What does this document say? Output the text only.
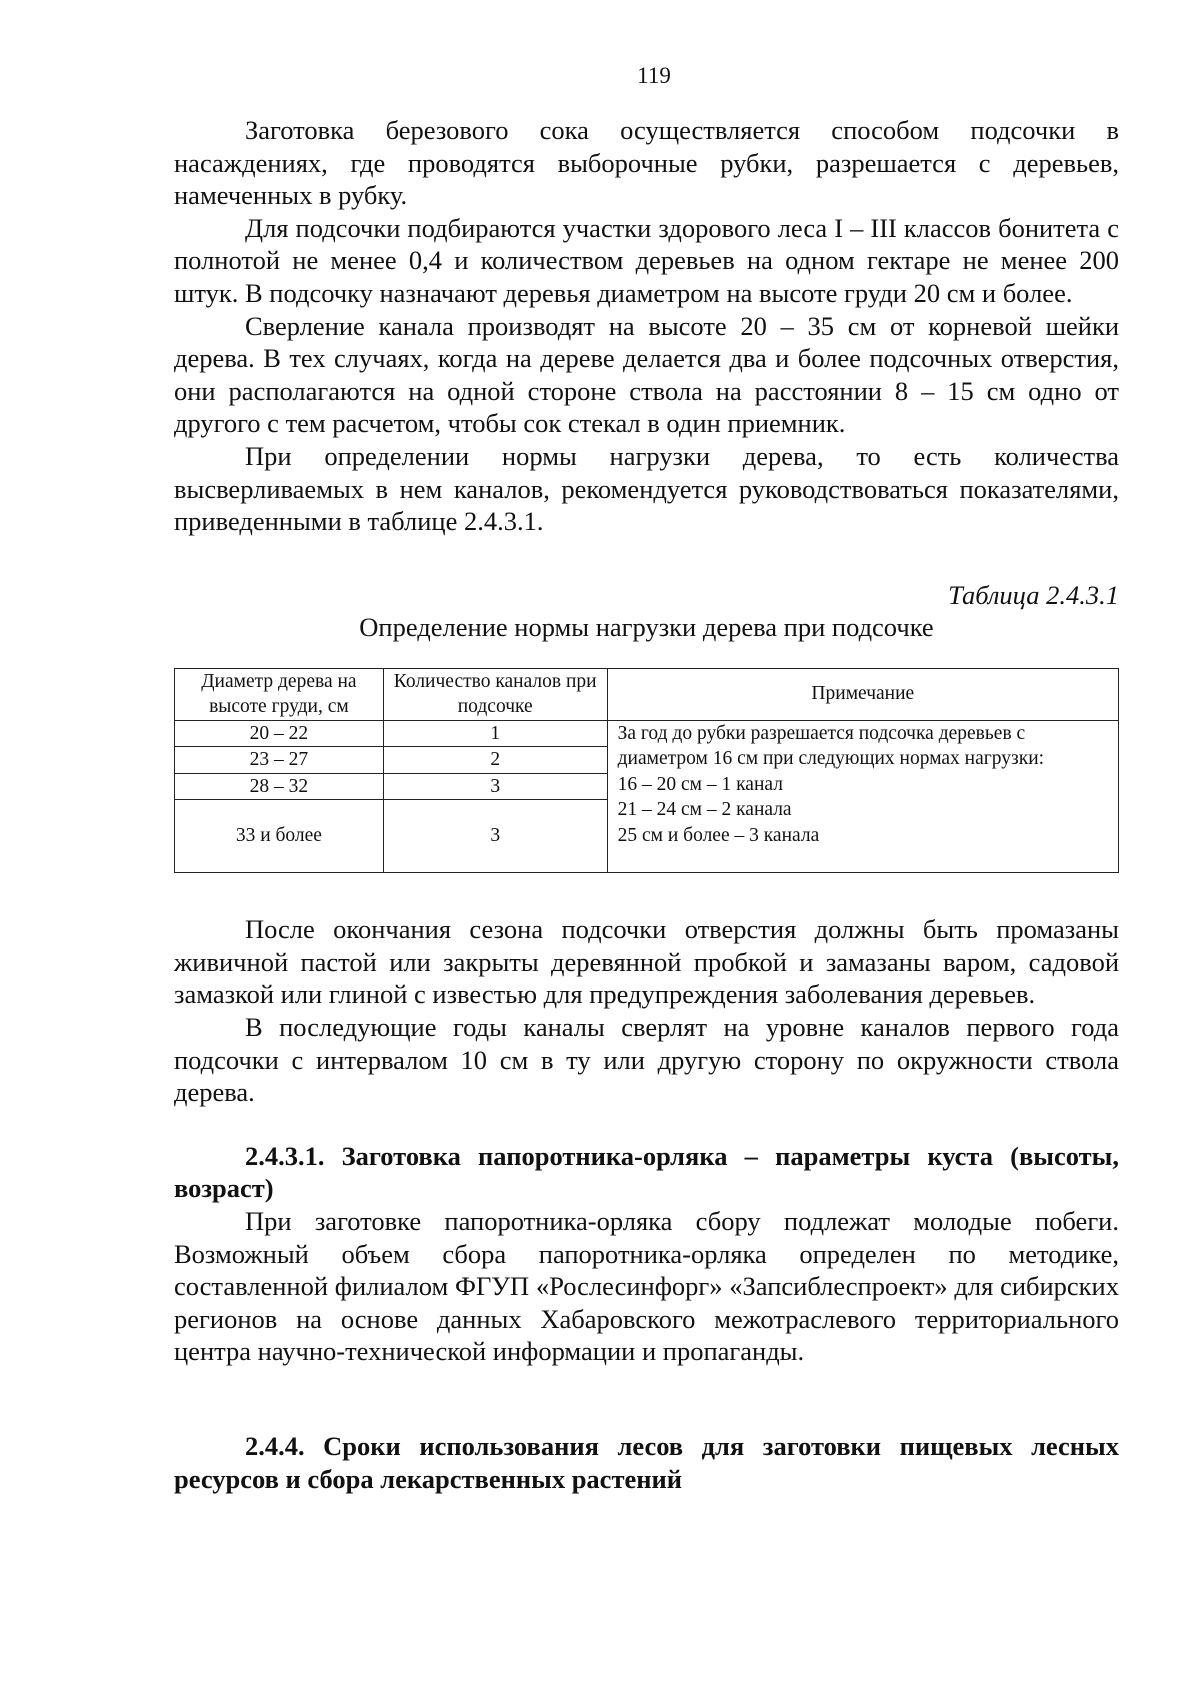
119

Заготовка березового сока осуществляется способом подсочки в насаждениях, где проводятся выборочные рубки, разрешается с деревьев, намеченных в рубку.

Для подсочки подбираются участки здорового леса I – III классов бонитета с полнотой не менее 0,4 и количеством деревьев на одном гектаре не менее 200 штук. В подсочку назначают деревья диаметром на высоте груди 20 см и более.

Сверление канала производят на высоте 20 – 35 см от корневой шейки дерева. В тех случаях, когда на дереве делается два и более подсочных отверстия, они располагаются на одной стороне ствола на расстоянии 8 – 15 см одно от другого с тем расчетом, чтобы сок стекал в один приемник.

При определении нормы нагрузки дерева, то есть количества высверливаемых в нем каналов, рекомендуется руководствоваться показателями, приведенными в таблице 2.4.3.1.

Таблица 2.4.3.1
Определение нормы нагрузки дерева при подсочке
Диаметр дерева на высоте груди, см	Количество каналов при подсочке	Примечание
20 – 22	1	За год до рубки разрешается подсочка деревьев с диаметром 16 см при следующих нормах нагрузки:
16 – 20 см – 1 канал
21 – 24 см – 2 канала
25 см и более – 3 канала

23 – 27	2	
28 – 32	3	
33 и более	3	

После окончания сезона подсочки отверстия должны быть промазаны живичной пастой или закрыты деревянной пробкой и замазаны варом, садовой замазкой или глиной с известью для предупреждения заболевания деревьев.

В последующие годы каналы сверлят на уровне каналов первого года подсочки с интервалом 10 см в ту или другую сторону по окружности ствола дерева.

2.4.3.1. Заготовка папоротника-орляка – параметры куста (высоты, возраст)

При заготовке папоротника-орляка сбору подлежат молодые побеги. Возможный объем сбора папоротника-орляка определен по методике, составленной филиалом ФГУП «Рослесинфорг» «Запсиблеспроект» для сибирских регионов на основе данных Хабаровского межотраслевого территориального центра научно-технической информации и пропаганды.

2.4.4. Сроки использования лесов для заготовки пищевых лесных ресурсов и сбора лекарственных растений
